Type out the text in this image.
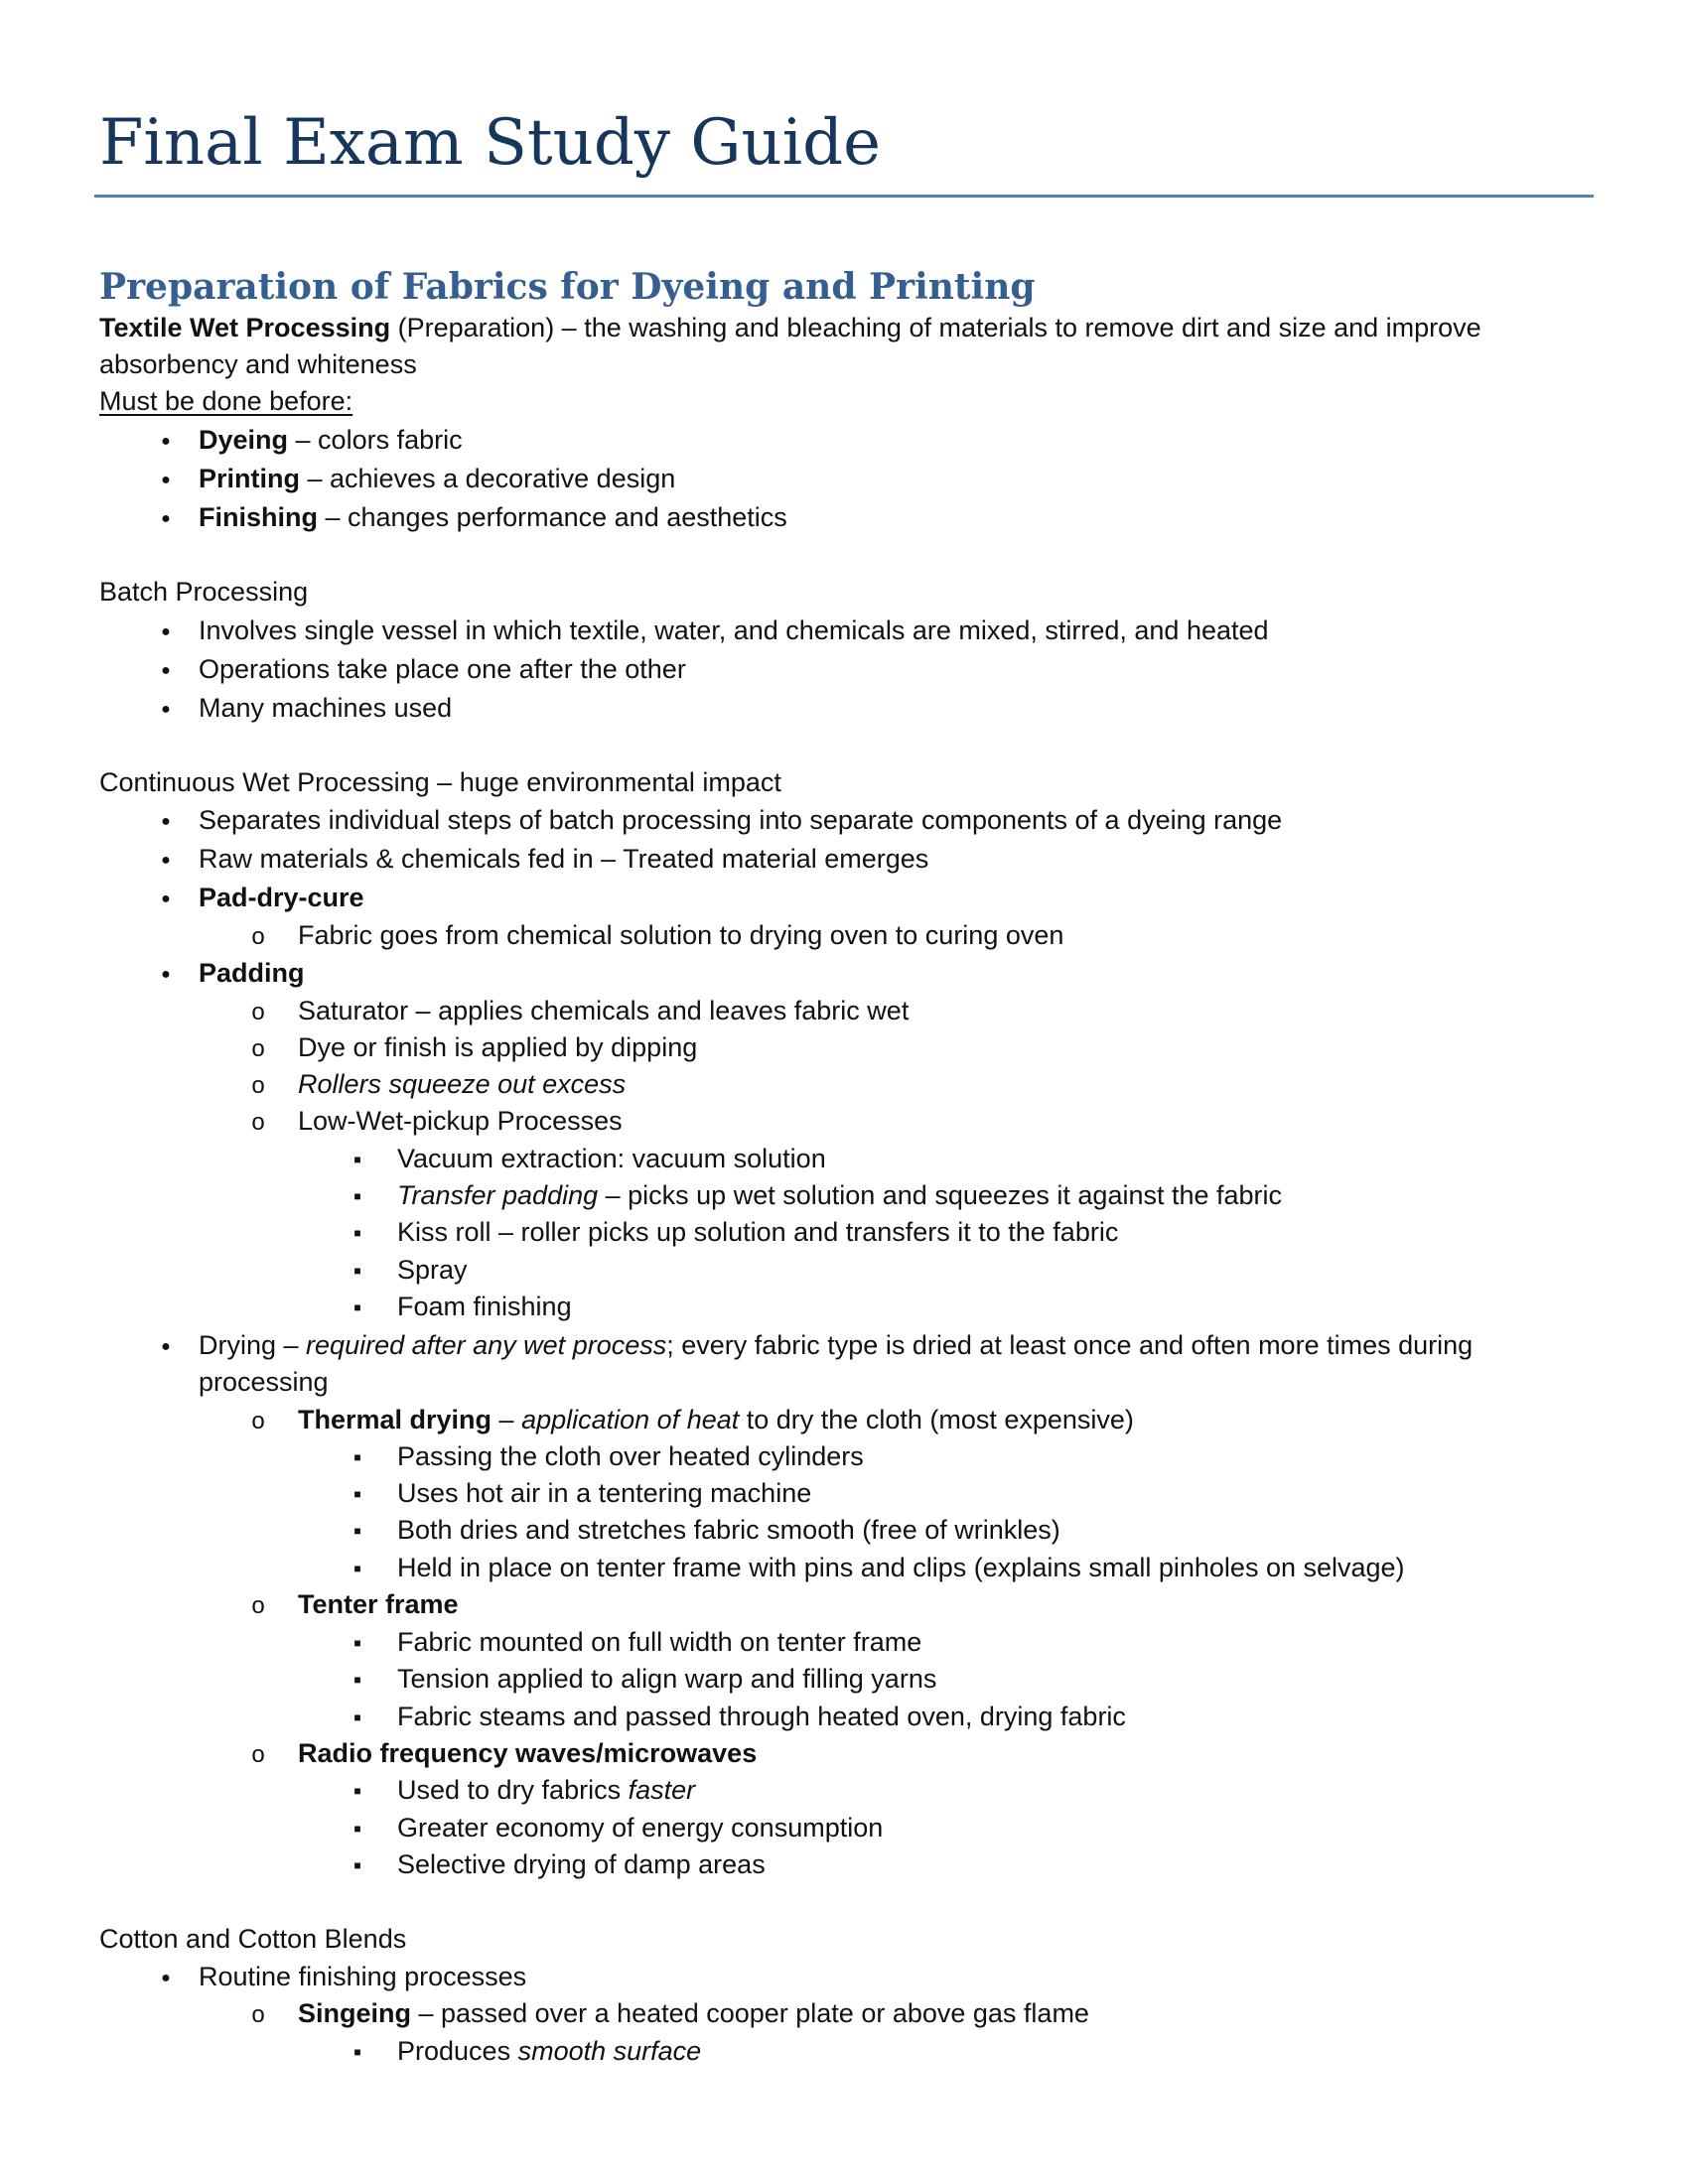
Final Exam Study Guide
Preparation of Fabrics for Dyeing and Printing
Textile Wet Processing (Preparation) – the washing and bleaching of materials to remove dirt and size and improve
absorbency and whiteness
Must be done before:
●
Dyeing – colors fabric
●
Printing – achieves a decorative design
●
Finishing – changes performance and aesthetics
Batch Processing
●
Involves single vessel in which textile, water, and chemicals are mixed, stirred, and heated
●
Operations take place one after the other
●
Many machines used
Continuous Wet Processing – huge environmental impact
●
Separates individual steps of batch processing into separate components of a dyeing range
●
Raw materials & chemicals fed in – Treated material emerges
●
Pad-dry-cure
o
Fabric goes from chemical solution to drying oven to curing oven
●
Padding
o
Saturator – applies chemicals and leaves fabric wet
o
Dye or finish is applied by dipping
o
Rollers squeeze out excess
o
Low-Wet-pickup Processes
■
Vacuum extraction: vacuum solution
■
Transfer padding – picks up wet solution and squeezes it against the fabric
■
Kiss roll – roller picks up solution and transfers it to the fabric
■
Spray
■
Foam finishing
●
Drying – required after any wet process; every fabric type is dried at least once and often more times during
processing
o
Thermal drying – application of heat to dry the cloth (most expensive)
■
Passing the cloth over heated cylinders
■
Uses hot air in a tentering machine
■
Both dries and stretches fabric smooth (free of wrinkles)
■
Held in place on tenter frame with pins and clips (explains small pinholes on selvage)
o
Tenter frame
■
Fabric mounted on full width on tenter frame
■
Tension applied to align warp and filling yarns
■
Fabric steams and passed through heated oven, drying fabric
o
Radio frequency waves/microwaves
■
Used to dry fabrics faster
■
Greater economy of energy consumption
■
Selective drying of damp areas
Cotton and Cotton Blends
●
Routine finishing processes
o
Singeing – passed over a heated cooper plate or above gas flame
■
Produces smooth surface
